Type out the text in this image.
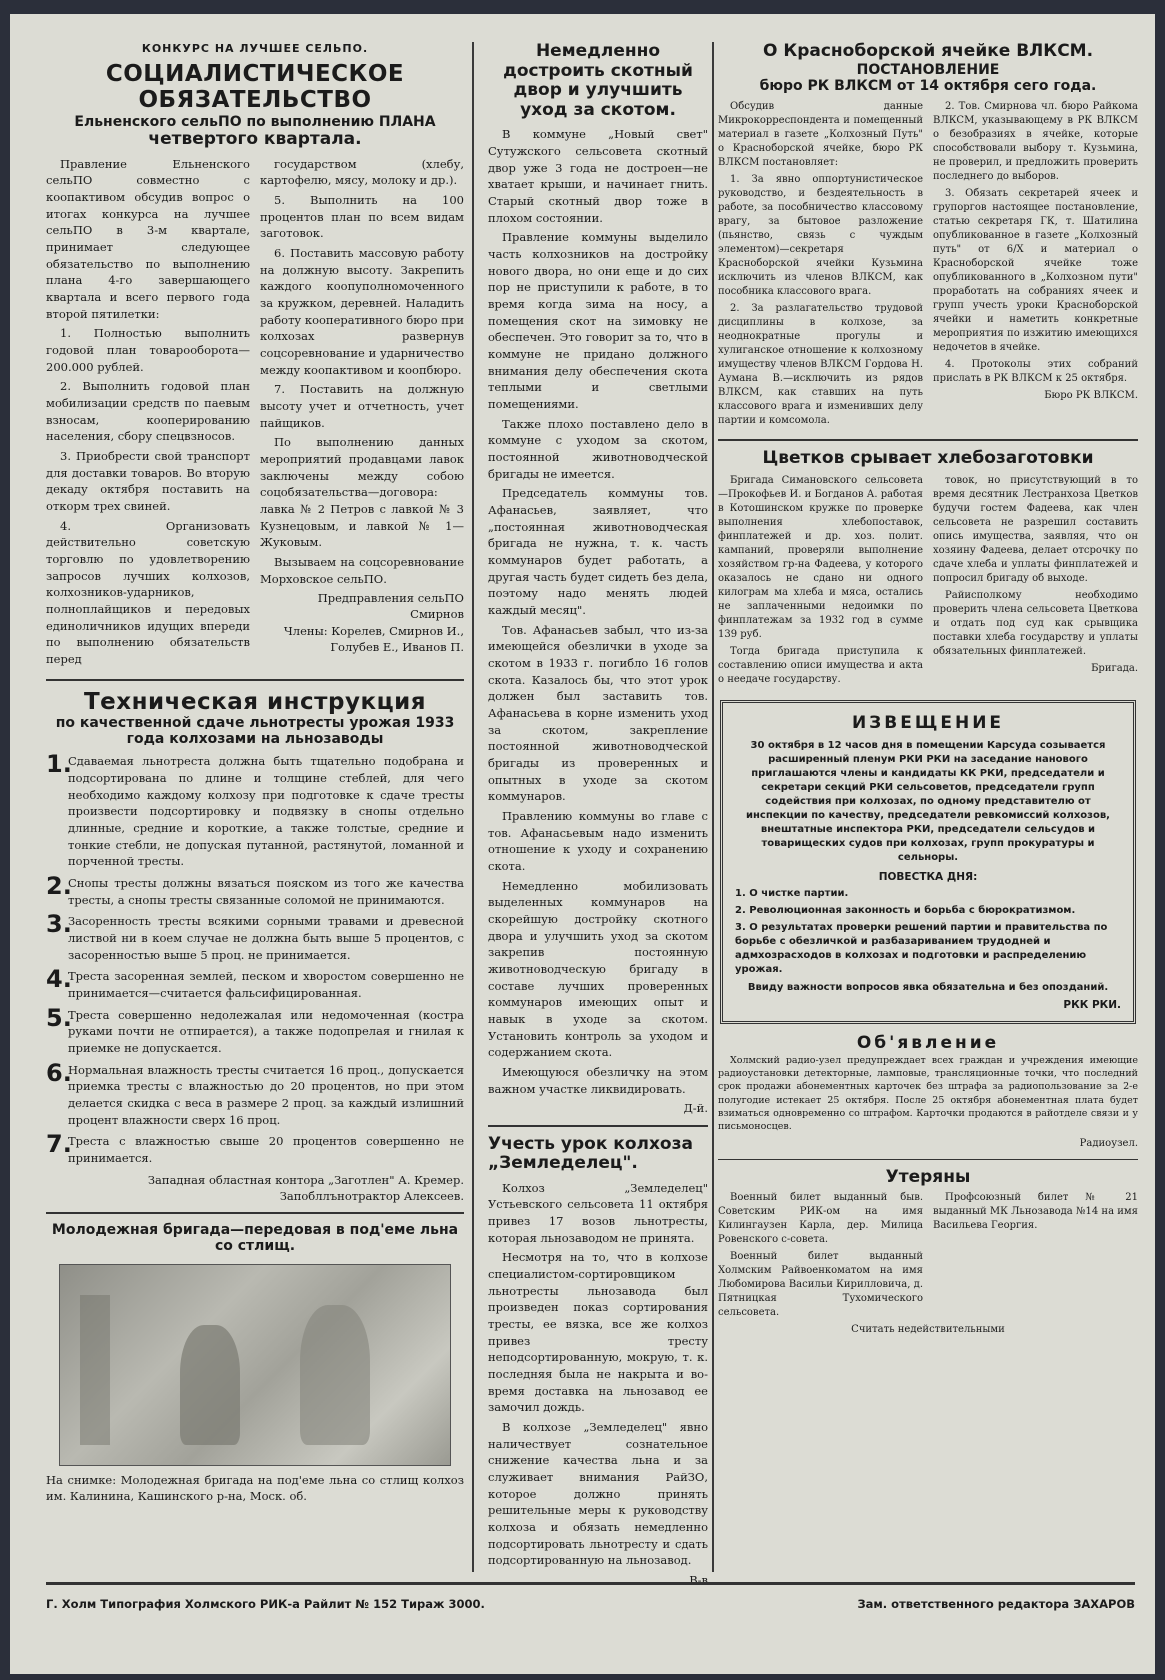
КОНКУРС НА ЛУЧШЕЕ СЕЛЬПО.
СОЦИАЛИСТИЧЕСКОЕ ОБЯЗАТЕЛЬСТВО
Ельненского сельПО по выполнению ПЛАНА
четвертого квартала.

Правление Ельненского сельПО совместно с коопактивом обсудив вопрос о итогах конкурса на лучшее сельПО в 3-м квартале, принимает следующее обязательство по выполнению плана 4-го завершающего квартала и всего первого года второй пятилетки:

1. Полностью выполнить годовой план товарооборота— 200.000 рублей.

2. Выполнить годовой план мобилизации средств по паевым взносам, кооперированию населения, сбору спецвзносов.

3. Приобрести свой транспорт для доставки товаров. Во вторую декаду октября поставить на откорм трех свиней.

4. Организовать действительно советскую торговлю по удовлетворению запросов лучших колхозов, колхозников-ударников, полноплайщиков и передовых единоличников идущих впереди по выполнению обязательств перед

государством (хлебу, картофелю, мясу, молоку и др.).

5. Выполнить на 100 процентов план по всем видам заготовок.

6. Поставить массовую работу на должную высоту. Закрепить каждого коопуполномоченного за кружком, деревней. Наладить работу кооперативного бюро при колхозах развернув соцсоревнование и ударничество между коопактивом и коопбюро.

7. Поставить на должную высоту учет и отчетность, учет пайщиков.

По выполнению данных мероприятий продавцами лавок заключены между собою соцобязательства—договора: лавка № 2 Петров с лавкой № 3 Кузнецовым, и лавкой № 1—Жуковым.

Вызываем на соцсоревнование Морховское сельПО.

Предправления сельПО
Смирнов
Члены: Корелев, Смирнов И., Голубев Е., Иванов П.
Техническая инструкция
по качественной сдаче льнотресты урожая 1933 года колхозами на льнозаводы
1.
Сдаваемая льнотреста должна быть тщательно подобрана и подсортирована по длине и толщине стеблей, для чего необходимо каждому колхозу при подготовке к сдаче тресты произвести подсортировку и подвязку в снопы отдельно длинные, средние и короткие, а также толстые, средние и тонкие стебли, не допуская путанной, растянутой, ломанной и порченной тресты.
2.
Снопы тресты должны вязаться пояском из того же качества тресты, а снопы тресты связанные соломой не принимаются.
3.
Засоренность тресты всякими сорными травами и древесной листвой ни в коем случае не должна быть выше 5 процентов, с засоренностью выше 5 проц. не принимается.
4.
Треста засоренная землей, песком и хворостом совершенно не принимается—считается фальсифицированная.
5.
Треста совершенно недолежалая или недомоченная (костра руками почти не отпирается), а также подопрелая и гнилая к приемке не допускается.
6.
Нормальная влажность тресты считается 16 проц., допускается приемка тресты с влажностью до 20 процентов, но при этом делается скидка с веса в размере 2 проц. за каждый излишний процент влажности сверх 16 проц.
7.
Треста с влажностью свыше 20 процентов совершенно не принимается.
Западная областная контора „Заготлен" А. Кремер.
Запобллънотрактор Алексеев.
Молодежная бригада—передовая в под'еме льна со стлищ.
На снимке: Молодежная бригада на под'еме льна со стлищ колхоз им. Калинина, Кашинского р-на, Моск. об.
Немедленно достроить скотный двор и улучшить уход за скотом.

В коммуне „Новый свет" Сутужского сельсовета скотный двор уже 3 года не достроен—не хватает крыши, и начинает гнить. Старый скотный двор тоже в плохом состоянии.

Правление коммуны выделило часть колхозников на достройку нового двора, но они еще и до сих пор не приступили к работе, в то время когда зима на носу, а помещения скот на зимовку не обеспечен. Это говорит за то, что в коммуне не придано должного внимания делу обеспечения скота теплыми и светлыми помещениями.

Также плохо поставлено дело в коммуне с уходом за скотом, постоянной животноводческой бригады не имеется.

Председатель коммуны тов. Афанасьев, заявляет, что „постоянная животноводческая бригада не нужна, т. к. часть коммунаров будет работать, а другая часть будет сидеть без дела, поэтому надо менять людей каждый месяц".

Тов. Афанасьев забыл, что из-за имеющейся обезлички в уходе за скотом в 1933 г. погибло 16 голов скота. Казалось бы, что этот урок должен был заставить тов. Афанасьева в корне изменить уход за скотом, закрепление постоянной животноводческой бригады из проверенных и опытных в уходе за скотом коммунаров.

Правлению коммуны во главе с тов. Афанасьевым надо изменить отношение к уходу и сохранению скота.

Немедленно мобилизовать выделенных коммунаров на скорейшую достройку скотного двора и улучшить уход за скотом закрепив постоянную животноводческую бригаду в составе лучших проверенных коммунаров имеющих опыт и навык в уходе за скотом. Установить контроль за уходом и содержанием скота.

Имеющуюся обезличку на этом важном участке ликвидировать.

Д-й.
Учесть урок колхоза „Земледелец".

Колхоз „Земледелец" Устьевского сельсовета 11 октября привез 17 возов льнотресты, которая льнозаводом не принята.

Несмотря на то, что в колхозе специалистом-сортировщиком льнотресты льнозавода был произведен показ сортирования тресты, ее вязка, все же колхоз привез тресту неподсортированную, мокрую, т. к. последняя была не накрыта и во-время доставка на льнозавод ее замочил дождь.

В колхозе „Земледелец" явно наличествует сознательное снижение качества льна и за служивает внимания РайЗО, которое должно принять решительные меры к руководству колхоза и обязать немедленно подсортировать льнотресту и сдать подсортированную на льнозавод.

В-в
О Красноборской ячейке ВЛКСМ.
ПОСТАНОВЛЕНИЕ
бюро РК ВЛКСМ от 14 октября сего года.

Обсудив данные Микрокорреспондента и помещенный материал в газете „Колхозный Путь" о Красноборской ячейке, бюро РК ВЛКСМ постановляет:

1. За явно оппортунистическое руководство, и бездеятельность в работе, за пособничество классовому врагу, за бытовое разложение (пьянство, связь с чуждым элементом)—секретаря Красноборской ячейки Кузьмина исключить из членов ВЛКСМ, как пособника классового врага.

2. За разлагательство трудовой дисциплины в колхозе, за неоднократные прогулы и хулиганское отношение к колхозному имуществу членов ВЛКСМ Гордова Н. Аумана В.—исключить из рядов ВЛКСМ, как ставших на путь классового врага и изменивших делу партии и комсомола.

2. Тов. Смирнова чл. бюро Райкома ВЛКСМ, указывающему в РК ВЛКСМ о безобразиях в ячейке, которые способствовали выбору т. Кузьмина, не проверил, и предложить проверить последнего до выборов.

3. Обязать секретарей ячеек и групоргов настоящее постановление, статью секретаря ГК, т. Шатилина опубликованное в газете „Колхозный путь" от 6/X и материал о Красноборской ячейке тоже опубликованного в „Колхозном пути" проработать на собраниях ячеек и групп учесть уроки Красноборской ячейки и наметить конкретные мероприятия по изжитию имеющихся недочетов в ячейке.

4. Протоколы этих собраний прислать в РК ВЛКСМ к 25 октября.

Бюро РК ВЛКСМ.
Цветков срывает хлебозаготовки

Бригада Симановского сельсовета—Прокофьев И. и Богданов А. работая в Котошинском кружке по проверке выполнения хлебопоставок, финплатежей и др. хоз. полит. кампаний, проверяли выполнение хозяйством гр-на Фадеева, у которого оказалось не сдано ни одного килограм ма хлеба и мяса, остались не заплаченными недоимки по финплатежам за 1932 год в сумме 139 руб.

Тогда бригада приступила к составлению описи имущества и акта о неедаче государству.

товок, но присутствующий в то время десятник Лестранхоза Цветков будучи гостем Фадеева, как член сельсовета не разрешил составить опись имущества, заявляя, что он хозяину Фадеева, делает отсрочку по сдаче хлеба и уплаты финплатежей и попросил бригаду об выходе.

Райисполкому необходимо проверить члена сельсовета Цветкова и отдать под суд как срывщика поставки хлеба государству и уплаты обязательных финплатежей.

Бригада.
ИЗВЕЩЕНИЕ
30 октября в 12 часов дня в помещении Карсуда созывается расширенный пленум РКИ РКИ на заседание нанового приглашаются члены и кандидаты КК РКИ, председатели и секретари секций РКИ сельсоветов, председатели групп содействия при колхозах, по одному представителю от инспекции по качеству, председатели ревкомиссий колхозов, внештатные инспектора РКИ, председатели сельсудов и товарищеских судов при колхозах, групп прокуратуры и сельноры.
ПОВЕСТКА ДНЯ:
1. О чистке партии.
2. Революционная законность и борьба с бюрократизмом.
3. О результатах проверки решений партии и правительства по борьбе с обезличкой и разбазариванием трудодней и адмхозрасходов в колхозах и подготовки и распределению урожая.
Ввиду важности вопросов явка обязательна и без опозданий.
РКК РКИ.
Об'явление

Холмский радио-узел предупреждает всех граждан и учреждения имеющие радиоустановки детекторные, ламповые, трансляционные точки, что последний срок продажи абонементных карточек без штрафа за радиопользование за 2-е полугодие истекает 25 октября. После 25 октября абонементная плата будет взиматься одновременно со штрафом. Карточки продаются в райотделе связи и у письмоносцев.

Радиоузел.
Утеряны

Военный билет выданный быв. Советским РИК-ом на имя Килингаузен Карла, дер. Милица Ровенского с-совета.

Военный билет выданный Холмским Райвоенкоматом на имя Любомирова Васильи Кирилловича, д. Пятницкая Тухомического сельсовета.

Профсоюзный билет № 21 выданный МК Льнозавода №14 на имя Васильева Георгия.

Считать недействительными
Г. Холм Типография Холмского РИК-а Райлит № 152 Тираж 3000.	Зам. ответственного редактора ЗАХАРОВ
